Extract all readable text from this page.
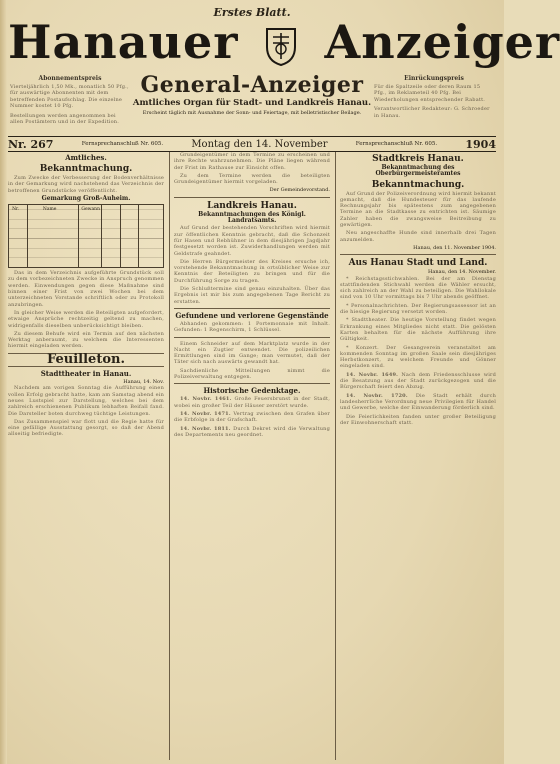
Erstes Blatt.
Hanauer Anzeiger
Abonnementspreis
Vierteljährlich 1,50 Mk., monatlich 50 Pfg., für auswärtige Abonnenten mit dem betreffenden Postaufschlag. Die einzelne Nummer kostet 10 Pfg.
Bestellungen werden angenommen bei allen Postämtern und in der Expedition.
Einrückungspreis
Für die Spaltzeile oder deren Raum 15 Pfg., im Reklameteil 40 Pfg. Bei Wiederholungen entsprechender Rabatt.
Verantwortlicher Redakteur: G. Schroeder in Hanau.
General-Anzeiger
Amtliches Organ für Stadt- und Landkreis Hanau.
Erscheint täglich mit Ausnahme der Sonn- und Feiertage, mit belletristischer Beilage.
Nr. 267	Fernsprechanschluß Nr. 605.	Montag den 14. November	Fernsprechanschluß Nr. 605.	1904
Amtliches.
Bekanntmachung.

Zum Zwecke der Verbesserung der Bodenverhältnisse in der Gemarkung wird nachstehend das Verzeichnis der betroffenen Grundstücke veröffentlicht.

Gemarkung Groß-Auheim.
Nr.	Name	Gewann

Das in dem Verzeichnis aufgeführte Grundstück soll zu dem vorbezeichneten Zwecke in Anspruch genommen werden. Einwendungen gegen diese Maßnahme sind binnen einer Frist von zwei Wochen bei dem unterzeichneten Vorstande schriftlich oder zu Protokoll anzubringen.

In gleicher Weise werden die Beteiligten aufgefordert, etwaige Ansprüche rechtzeitig geltend zu machen, widrigenfalls dieselben unberücksichtigt bleiben.

Zu diesem Behufe wird ein Termin auf den nächsten Werktag anberaumt, zu welchem die Interessenten hiermit eingeladen werden.

Feuilleton.
Stadttheater in Hanau.
Hanau, 14. Nov.

Nachdem am vorigen Sonntag die Aufführung einen vollen Erfolg gebracht hatte, kam am Samstag abend ein neues Lustspiel zur Darstellung, welches bei dem zahlreich erschienenen Publikum lebhaften Beifall fand. Die Darsteller boten durchweg tüchtige Leistungen.

Das Zusammenspiel war flott und die Regie hatte für eine gefällige Ausstattung gesorgt, so daß der Abend allseitig befriedigte.

Grundeigentümer in dem Termine zu erscheinen und ihre Rechte wahrzunehmen. Die Pläne liegen während der Frist im Rathause zur Einsicht offen.

Zu dem Termine werden die beteiligten Grundeigentümer hiermit vorgeladen.

Der Gemeindevorstand.
Landkreis Hanau.
Bekanntmachungen des Königl. Landratsamts.

Auf Grund der bestehenden Vorschriften wird hiermit zur öffentlichen Kenntnis gebracht, daß die Schonzeit für Hasen und Rebhühner in dem diesjährigen Jagdjahr festgesetzt worden ist. Zuwiderhandlungen werden mit Geldstrafe geahndet.

Die Herren Bürgermeister des Kreises ersuche ich, vorstehende Bekanntmachung in ortsüblicher Weise zur Kenntnis der Beteiligten zu bringen und für die Durchführung Sorge zu tragen.

Die Schlußtermine sind genau einzuhalten. Über das Ergebnis ist mir bis zum angegebenen Tage Bericht zu erstatten.

Gefundene und verlorene Gegenstände

Abhanden gekommen: 1 Portemonnaie mit Inhalt. Gefunden: 1 Regenschirm, 1 Schlüssel.

Einem Schneider auf dem Marktplatz wurde in der Nacht ein Zugtier entwendet. Die polizeilichen Ermittlungen sind im Gange; man vermutet, daß der Täter sich nach auswärts gewandt hat.

Sachdienliche Mitteilungen nimmt die Polizeiverwaltung entgegen.

Historische Gedenktage.

14. Novbr. 1461. Große Feuersbrunst in der Stadt, wobei ein großer Teil der Häuser zerstört wurde.

14. Novbr. 1471. Vertrag zwischen den Grafen über die Erbfolge in der Grafschaft.

14. Novbr. 1811. Durch Dekret wird die Verwaltung des Departements neu geordnet.

Stadtkreis Hanau.
Bekanntmachung des Oberbürgermeisteramtes
Bekanntmachung.

Auf Grund der Polizeiverordnung wird hiermit bekannt gemacht, daß die Hundesteuer für das laufende Rechnungsjahr bis spätestens zum angegebenen Termine an die Stadtkasse zu entrichten ist. Säumige Zahler haben die zwangsweise Beitreibung zu gewärtigen.

Neu angeschaffte Hunde sind innerhalb drei Tagen anzumelden.

Hanau, den 11. November 1904.
Aus Hanau Stadt und Land.
Hanau, den 14. November.

* Reichstagsstichwahlen. Bei der am Dienstag stattfindenden Stichwahl werden die Wähler ersucht, sich zahlreich an der Wahl zu beteiligen. Die Wahllokale sind von 10 Uhr vormittags bis 7 Uhr abends geöffnet.

* Personalnachrichten. Der Regierungsassessor ist an die hiesige Regierung versetzt worden.

* Stadttheater. Die heutige Vorstellung findet wegen Erkrankung eines Mitgliedes nicht statt. Die gelösten Karten behalten für die nächste Aufführung ihre Gültigkeit.

* Konzert. Der Gesangverein veranstaltet am kommenden Sonntag im großen Saale sein diesjähriges Herbstkonzert, zu welchem Freunde und Gönner eingeladen sind.

14. Novbr. 1649. Nach dem Friedensschlusse wird die Besatzung aus der Stadt zurückgezogen und die Bürgerschaft feiert den Abzug.

14. Novbr. 1720. Die Stadt erhält durch landesherrliche Verordnung neue Privilegien für Handel und Gewerbe, welche der Einwanderung förderlich sind.

Die Feierlichkeiten fanden unter großer Beteiligung der Einwohnerschaft statt.
